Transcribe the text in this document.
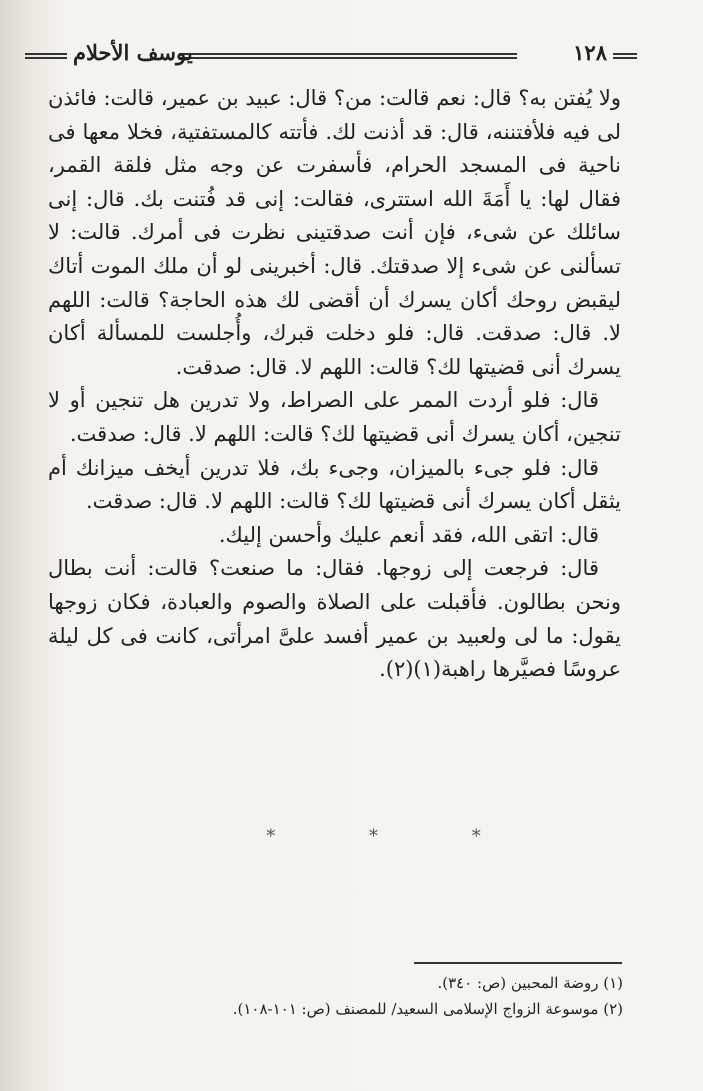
١٢٨
يوسف الأحلام

ولا يُفتن به؟ قال: نعم قالت: من؟ قال: عبيد بن عمير، قالت: فائذن لى فيه فلأفتننه، قال: قد أذنت لك. فأتته كالمستفتية، فخلا معها فى ناحية فى المسجد الحرام، فأسفرت عن وجه مثل فلقة القمر، فقال لها: يا أَمَةَ الله استترى، فقالت: إنى قد فُتنت بك. قال: إنى سائلك عن شىء، فإن أنت صدقتينى نظرت فى أمرك. قالت: لا تسألنى عن شىء إلا صدقتك. قال: أخبرينى لو أن ملك الموت أتاك ليقبض روحك أكان يسرك أن أقضى لك هذه الحاجة؟ قالت: اللهم لا. قال: صدقت. قال: فلو دخلت قبرك، وأُجلست للمسألة أكان يسرك أنى قضيتها لك؟ قالت: اللهم لا. قال: صدقت.

قال: فلو أردت الممر على الصراط، ولا تدرين هل تنجين أو لا تنجين، أكان يسرك أنى قضيتها لك؟ قالت: اللهم لا. قال: صدقت.

قال: فلو جىء بالميزان، وجىء بك، فلا تدرين أيخف ميزانك أم يثقل أكان يسرك أنى قضيتها لك؟ قالت: اللهم لا. قال: صدقت.

قال: اتقى الله، فقد أنعم عليك وأحسن إليك.

قال: فرجعت إلى زوجها. فقال: ما صنعت؟ قالت: أنت بطال ونحن بطالون. فأقبلت على الصلاة والصوم والعبادة، فكان زوجها يقول: ما لى ولعبيد بن عمير أفسد علىَّ امرأتى، كانت فى كل ليلة عروسًا فصيَّرها راهبة(١)(٢).

* * *

(١) روضة المحبين (ص: ٣٤٠).

(٢) موسوعة الزواج الإسلامى السعيد/ للمصنف (ص: ١٠١-١٠٨).
